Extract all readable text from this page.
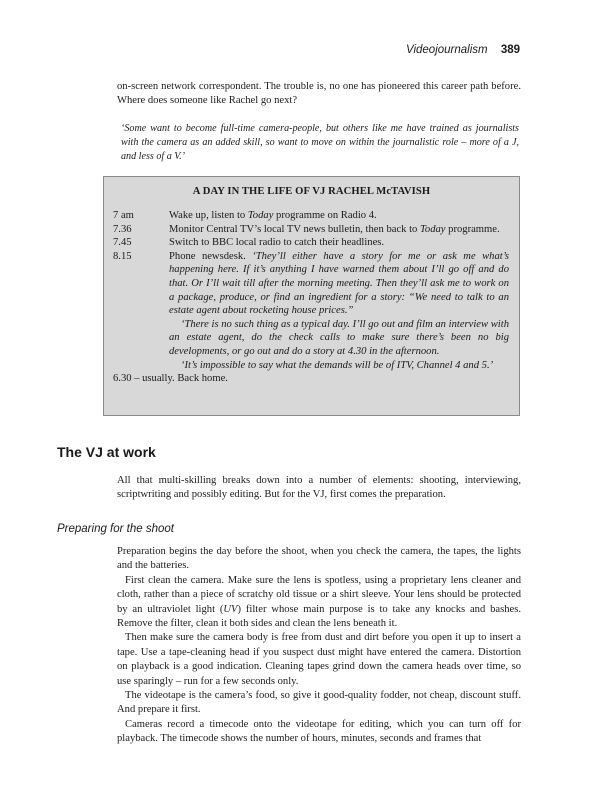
Videojournalism 389

on-screen network correspondent. The trouble is, no one has pioneered this career path before. Where does someone like Rachel go next?

‘Some want to become full-time camera-people, but others like me have trained as journalists with the camera as an added skill, so want to move on within the journalistic role – more of a J, and less of a V.’
A DAY IN THE LIFE OF VJ RACHEL McTAVISH
7 am	Wake up, listen to Today programme on Radio 4.
7.36	Monitor Central TV’s local TV news bulletin, then back to Today programme.
7.45	Switch to BBC local radio to catch their headlines.
8.15	Phone newsdesk. ‘They’ll either have a story for me or ask me what’s happening here. If it’s anything I have warned them about I’ll go off and do that. Or I’ll wait till after the morning meeting. Then they’ll ask me to work on a package, produce, or find an ingredient for a story: “We need to talk to an estate agent about rocketing house prices.”

‘There is no such thing as a typical day. I’ll go out and film an interview with an estate agent, do the check calls to make sure there’s been no big developments, or go out and do a story at 4.30 in the afternoon.

‘It’s impossible to say what the demands will be of ITV, Channel 4 and 5.’

6.30 – usually. Back home.
The VJ at work

All that multi-skilling breaks down into a number of elements: shooting, interviewing, scriptwriting and possibly editing. But for the VJ, first comes the preparation.

Preparing for the shoot

Preparation begins the day before the shoot, when you check the camera, the tapes, the lights and the batteries.

First clean the camera. Make sure the lens is spotless, using a proprietary lens cleaner and cloth, rather than a piece of scratchy old tissue or a shirt sleeve. Your lens should be protected by an ultraviolet light (UV) filter whose main purpose is to take any knocks and bashes. Remove the filter, clean it both sides and clean the lens beneath it.

Then make sure the camera body is free from dust and dirt before you open it up to insert a tape. Use a tape-cleaning head if you suspect dust might have entered the camera. Distortion on playback is a good indication. Cleaning tapes grind down the camera heads over time, so use sparingly – run for a few seconds only.

The videotape is the camera’s food, so give it good-quality fodder, not cheap, discount stuff. And prepare it first.

Cameras record a timecode onto the videotape for editing, which you can turn off for playback. The timecode shows the number of hours, minutes, seconds and frames that
